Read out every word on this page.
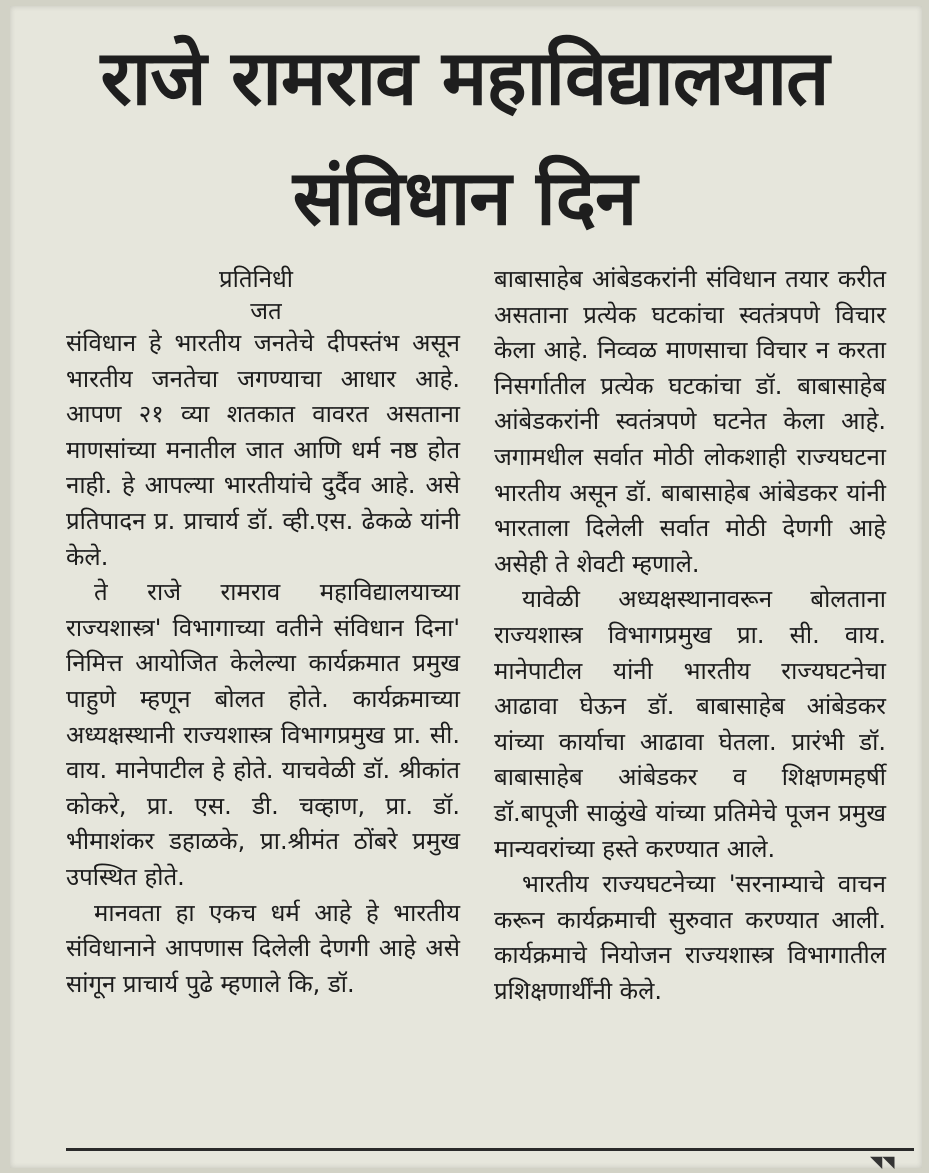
राजे रामराव महाविद्यालयात
संविधान दिन
प्रतिनिधी
जत

संविधान हे भारतीय जनतेचे दीपस्तंभ असून भारतीय जनतेचा जगण्याचा आधार आहे. आपण २१ व्या शतकात वावरत असताना माणसांच्या मनातील जात आणि धर्म नष्ठ होत नाही. हे आपल्या भारतीयांचे दुर्दैव आहे. असे प्रतिपादन प्र. प्राचार्य डॉ. व्ही.एस. ढेकळे यांनी केले.

ते राजे रामराव महाविद्यालयाच्या राज्यशास्त्र' विभागाच्या वतीने संविधान दिना' निमित्त आयोजित केलेल्या कार्यक्रमात प्रमुख पाहुणे म्हणून बोलत होते. कार्यक्रमाच्या अध्यक्षस्थानी राज्यशास्त्र विभागप्रमुख प्रा. सी. वाय. मानेपाटील हे होते. याचवेळी डॉ. श्रीकांत कोकरे, प्रा. एस. डी. चव्हाण, प्रा. डॉ. भीमाशंकर डहाळके, प्रा.श्रीमंत ठोंबरे प्रमुख उपस्थित होते.

मानवता हा एकच धर्म आहे हे भारतीय संविधानाने आपणास दिलेली देणगी आहे असे सांगून प्राचार्य पुढे म्हणाले कि, डॉ.

बाबासाहेब आंबेडकरांनी संविधान तयार करीत असताना प्रत्येक घटकांचा स्वतंत्रपणे विचार केला आहे. निव्वळ माणसाचा विचार न करता निसर्गातील प्रत्येक घटकांचा डॉ. बाबासाहेब आंबेडकरांनी स्वतंत्रपणे घटनेत केला आहे. जगामधील सर्वात मोठी लोकशाही राज्यघटना भारतीय असून डॉ. बाबासाहेब आंबेडकर यांनी भारताला दिलेली सर्वात मोठी देणगी आहे असेही ते शेवटी म्हणाले.

यावेळी अध्यक्षस्थानावरून बोलताना राज्यशास्त्र विभागप्रमुख प्रा. सी. वाय. मानेपाटील यांनी भारतीय राज्यघटनेचा आढावा घेऊन डॉ. बाबासाहेब आंबेडकर यांच्या कार्याचा आढावा घेतला. प्रारंभी डॉ. बाबासाहेब आंबेडकर व शिक्षणमहर्षी डॉ.बापूजी साळुंखे यांच्या प्रतिमेचे पूजन प्रमुख मान्यवरांच्या हस्ते करण्यात आले.

भारतीय राज्यघटनेच्या 'सरनाम्याचे वाचन करून कार्यक्रमाची सुरुवात करण्यात आली. कार्यक्रमाचे नियोजन राज्यशास्त्र विभागातील प्रशिक्षणार्थींनी केले.

◥◥
